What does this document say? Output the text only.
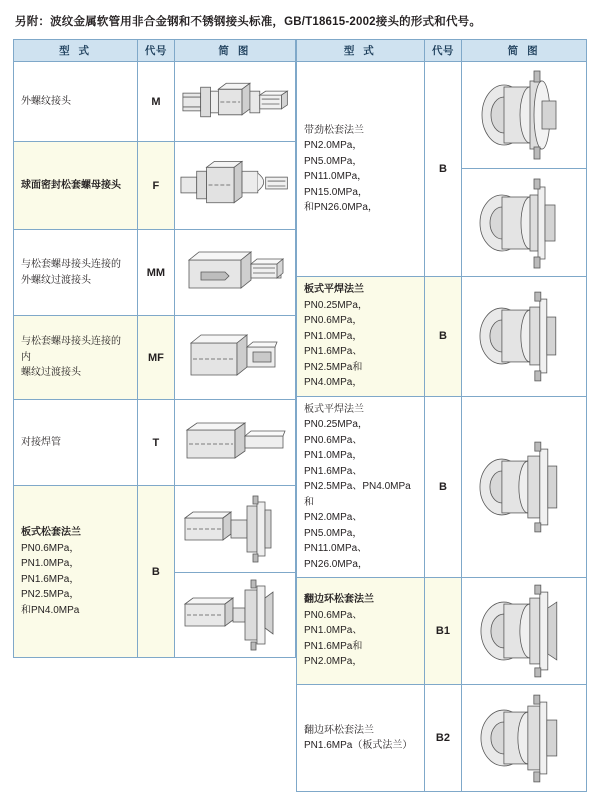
另附：波纹金属软管用非合金钢和不锈钢接头标准，GB/T18615-2002接头的形式和代号。
型 式	代号	简 图

外螺纹接头	M	

球面密封松套螺母接头	F	

与松套螺母接头连接的
外螺纹过渡接头	MM	

与松套螺母接头连接的内
螺纹过渡接头	MF	

对接焊管	T	

板式松套法兰
PN0.6MPa，PN1.0MPa，
PN1.6MPa，PN2.5MPa，
和PN4.0MPa	B	
型 式	代号	简 图

带劲松套法兰
PN2.0MPa，PN5.0MPa，
PN11.0MPa，PN15.0MPa，
和PN26.0MPa，	B	

板式平焊法兰
PN0.25MPa，PN0.6MPa，
PN1.0MPa，PN1.6MPa、
PN2.5MPa和PN4.0MPa，	B	

板式平焊法兰
PN0.25MPa，PN0.6MPa、
PN1.0MPa，PN1.6MPa、
PN2.5MPa、PN4.0MPa 和
PN2.0MPa、PN5.0MPa，
PN11.0MPa、PN26.0MPa，
	B	

翻边环松套法兰
PN0.6MPa、PN1.0MPa、
PN1.6MPa和PN2.0MPa，	B1	

翻边环松套法兰
PN1.6MPa（板式法兰）	B2	
